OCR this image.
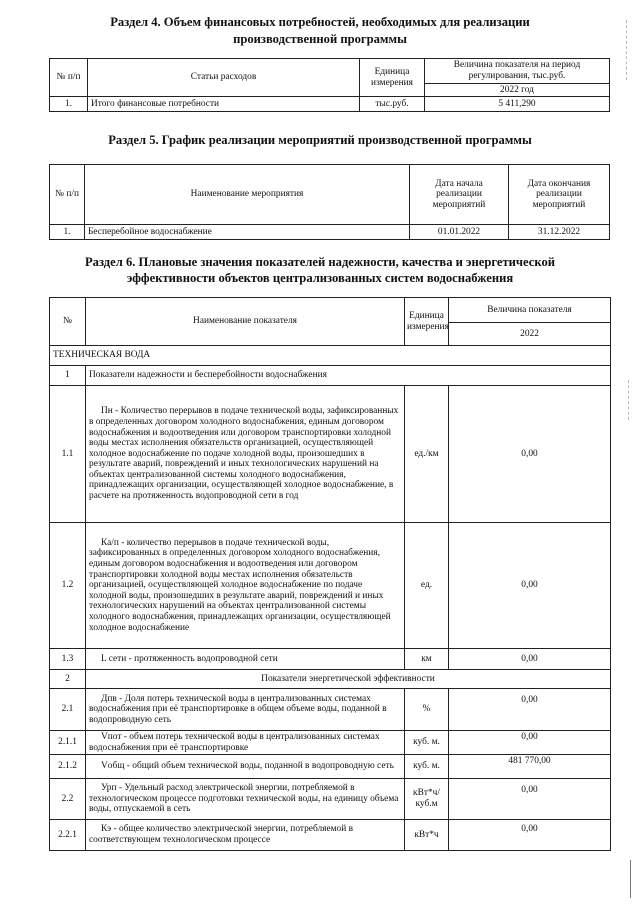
Раздел 4. Объем финансовых потребностей, необходимых для реализации производственной программы
№ п/п	Статьи расходов	Единица измерения	Величина показателя на период регулирования, тыс.руб.
			2022 год
1.	Итого финансовые потребности	тыс.руб.	5 411,290
Раздел 5. График реализации мероприятий производственной программы
№ п/п	Наименование мероприятия	Дата начала реализации мероприятий	Дата окончания реализации мероприятий
1.	Бесперебойное водоснабжение	01.01.2022	31.12.2022
Раздел 6. Плановые значения показателей надежности, качества и энергетической эффективности объектов централизованных систем водоснабжения
№	Наименование показателя	Единица измерения	Величина показателя
			2022
ТЕХНИЧЕСКАЯ ВОДА			
1	Показатели надежности и бесперебойности водоснабжения		
1.1	Пн - Количество перерывов в подаче технической воды, зафиксированных в определенных договором холодного водоснабжения, единым договором водоснабжения и водоотведения или договором транспортировки холодной воды местах исполнения обязательств организацией, осуществляющей холодное водоснабжение по подаче холодной воды, произошедших в результате аварий, повреждений и иных технологических нарушений на объектах централизованной системы холодного водоснабжения, принадлежащих организации, осуществляющей холодное водоснабжение, в расчете на протяженность водопроводной сети в год	ед./км	0,00
1.2	Ка/п - количество перерывов в подаче технической воды, зафиксированных в определенных договором холодного водоснабжения, единым договором водоснабжения и водоотведения или договором транспортировки холодной воды местах исполнения обязательств организацией, осуществляющей холодное водоснабжение по подаче холодной воды, произошедших в результате аварий, повреждений и иных технологических нарушений на объектах централизованной системы холодного водоснабжения, принадлежащих организации, осуществляющей холодное водоснабжение	ед.	0,00
1.3	L сети - протяженность водопроводной сети	км	0,00
2	Показатели энергетической эффективности		
2.1	Дпв - Доля потерь технической воды в централизованных системах водоснабжения при её транспортировке в общем объеме воды, поданной в водопроводную сеть	%	0,00
2.1.1	Vпот - объем потерь технической воды в централизованных системах водоснабжения при её транспортировке	куб. м.	0,00
2.1.2	Vобщ - общий объем технической воды, поданной в водопроводную сеть	куб. м.	481 770,00
2.2	Урп - Удельный расход электрической энергии, потребляемой в технологическом процессе подготовки технической воды, на единицу объема воды, отпускаемой в сеть	кВт*ч/ куб.м	0,00
2.2.1	Кэ - общее количество электрической энергии, потребляемой в соответствующем технологическом процессе	кВт*ч	0,00
